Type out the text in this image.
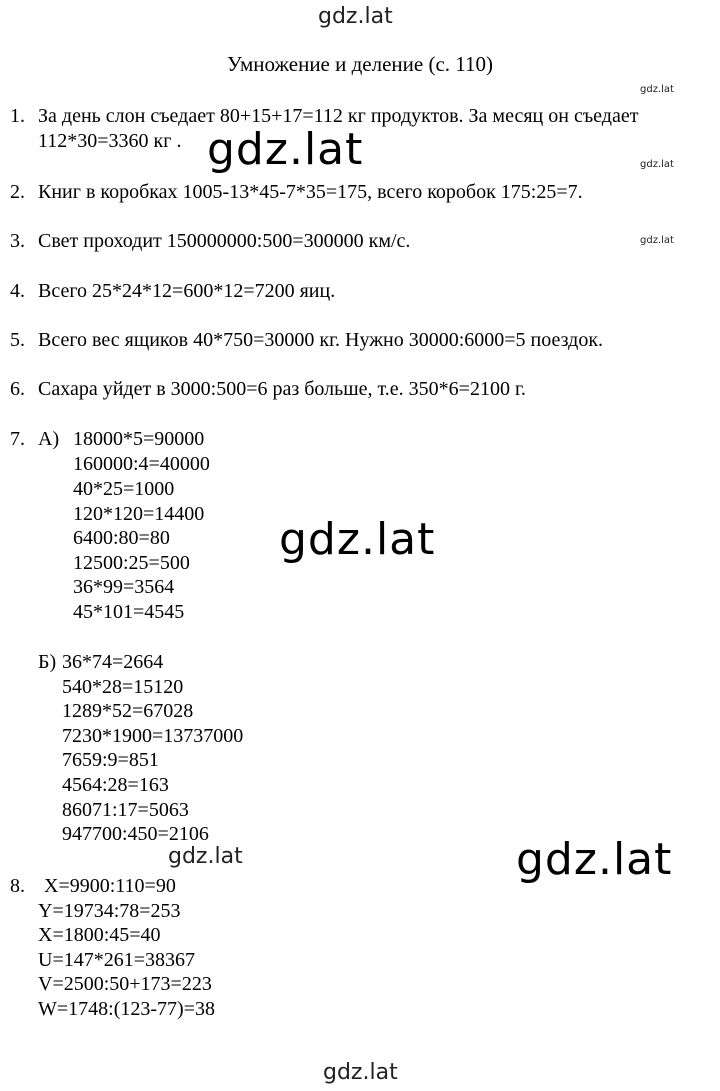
gdz.lat
gdz.lat
gdz.lat
gdz.lat
gdz.lat
gdz.lat
gdz.lat
gdz.lat
gdz.lat
Умножение и деление (с. 110)
1. За день слон съедает 80+15+17=112 кг продуктов. За месяц он съедает
112*30=3360 кг .
2. Книг в коробках 1005-13*45-7*35=175, всего коробок 175:25=7.
3. Свет проходит 150000000:500=300000 км/с.
4. Всего 25*24*12=600*12=7200 яиц.
5. Всего вес ящиков 40*750=30000 кг. Нужно 30000:6000=5 поездок.
6. Сахара уйдет в 3000:500=6 раз больше, т.е. 350*6=2100 г.
7. А) 18000*5=90000
160000:4=40000
40*25=1000
120*120=14400
6400:80=80
12500:25=500
36*99=3564
45*101=4545
Б) 36*74=2664
540*28=15120
1289*52=67028
7230*1900=13737000
7659:9=851
4564:28=163
86071:17=5063
947700:450=2106
8. X=9900:110=90
Y=19734:78=253
X=1800:45=40
U=147*261=38367
V=2500:50+173=223
W=1748:(123-77)=38
